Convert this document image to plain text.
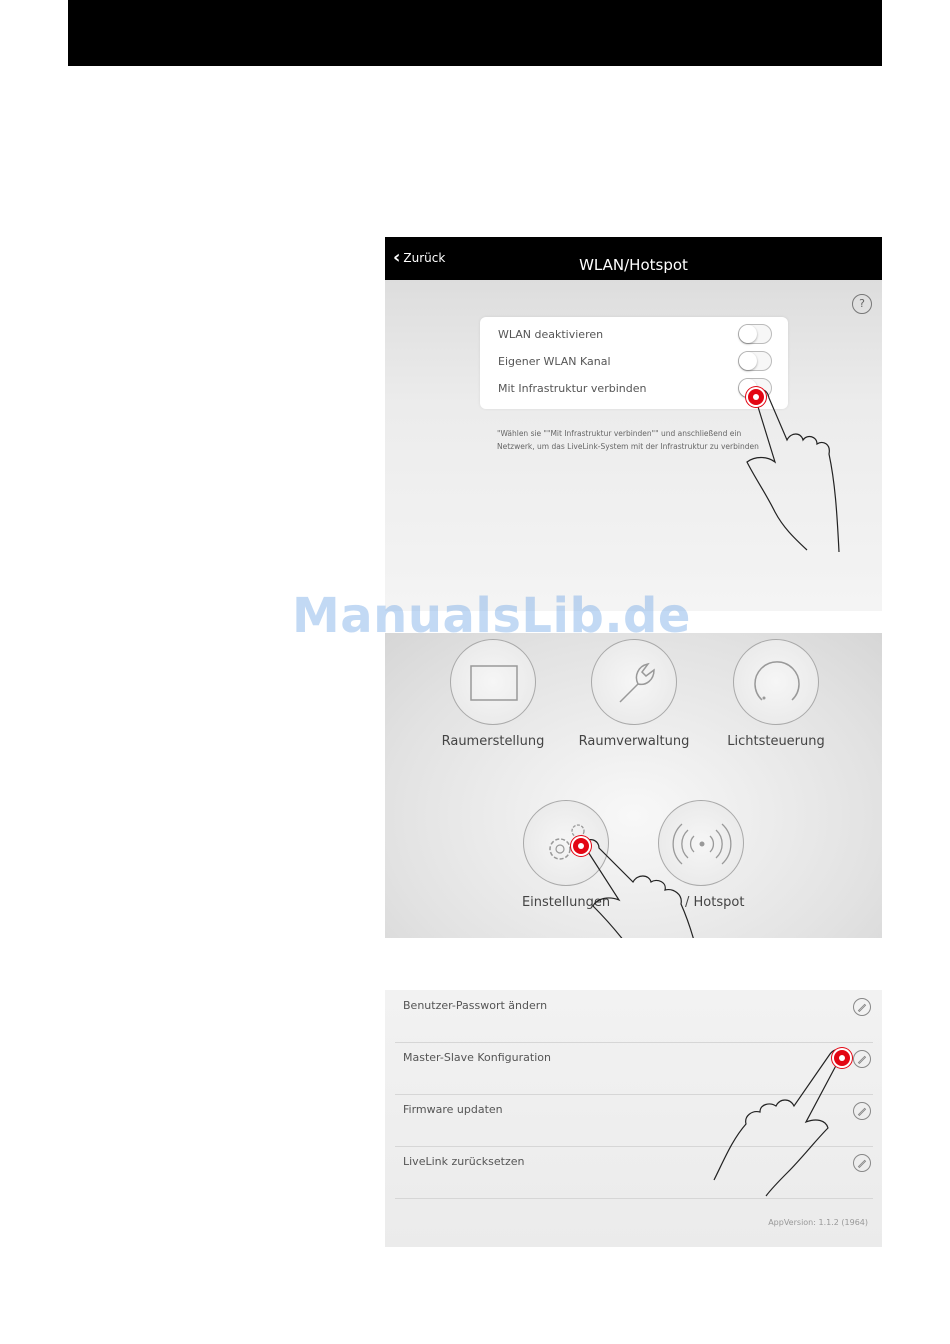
‹ Zurück	WLAN/Hotspot
?
WLAN deaktivieren
Eigener WLAN Kanal
Mit Infrastruktur verbinden
"Wählen sie ""Mit Infrastruktur verbinden"" und anschließend ein
Netzwerk, um das LiveLink-System mit der Infrastruktur zu verbinden
Raumerstellung	Raumverwaltung	Lichtsteuerung
Einstellungen	/ Hotspot
Benutzer-Passwort ändern
Master-Slave Konfiguration
Firmware updaten
LiveLink zurücksetzen
AppVersion: 1.1.2 (1964)
ManualsLib.de
